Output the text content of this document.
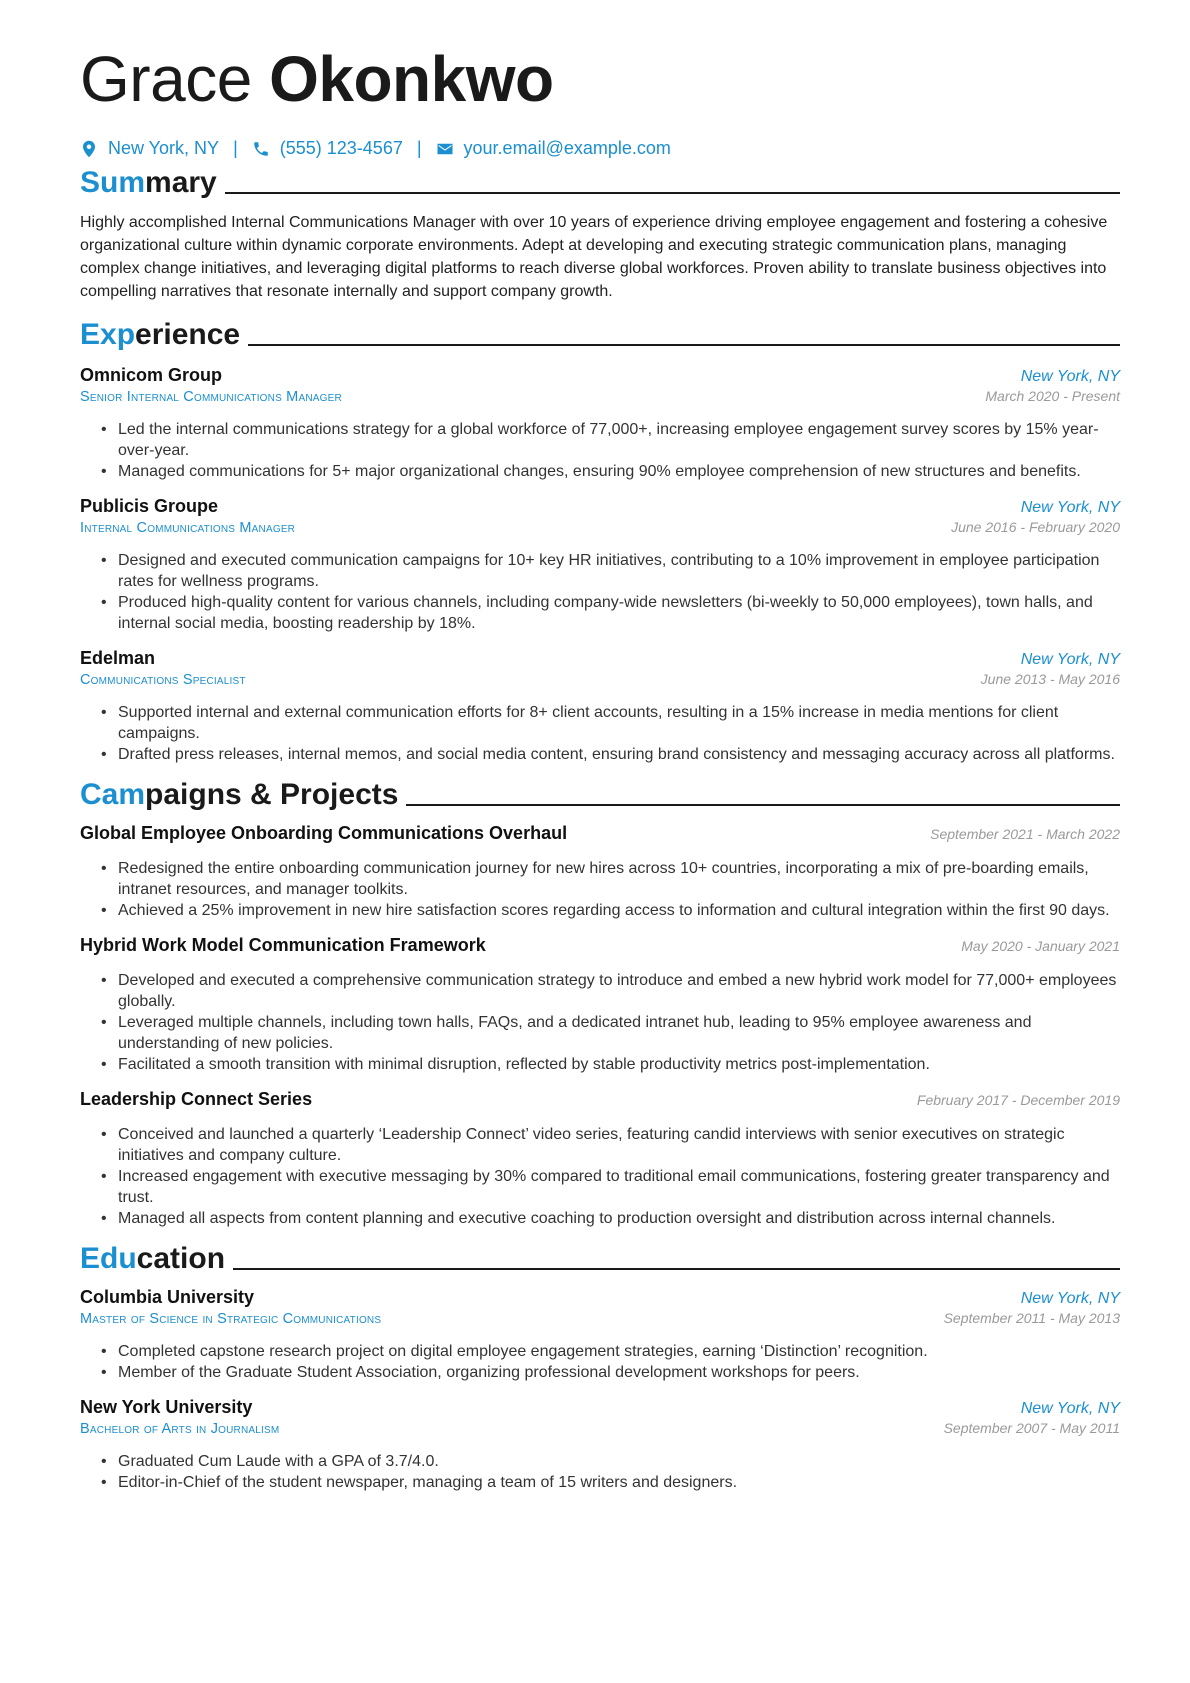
Grace Okonkwo
New York, NY | (555) 123-4567 | your.email@example.com
Summary

Highly accomplished Internal Communications Manager with over 10 years of experience driving employee engagement and fostering a cohesive organizational culture within dynamic corporate environments. Adept at developing and executing strategic communication plans, managing complex change initiatives, and leveraging digital platforms to reach diverse global workforces. Proven ability to translate business objectives into compelling narratives that resonate internally and support company growth.

Experience
Omnicom Group	New York, NY
Senior Internal Communications Manager	March 2020 - Present
• Led the internal communications strategy for a global workforce of 77,000+, increasing employee engagement survey scores by 15% year-over-year.
• Managed communications for 5+ major organizational changes, ensuring 90% employee comprehension of new structures and benefits.
Publicis Groupe	New York, NY
Internal Communications Manager	June 2016 - February 2020
• Designed and executed communication campaigns for 10+ key HR initiatives, contributing to a 10% improvement in employee participation rates for wellness programs.
• Produced high-quality content for various channels, including company-wide newsletters (bi-weekly to 50,000 employees), town halls, and internal social media, boosting readership by 18%.
Edelman	New York, NY
Communications Specialist	June 2013 - May 2016
• Supported internal and external communication efforts for 8+ client accounts, resulting in a 15% increase in media mentions for client campaigns.
• Drafted press releases, internal memos, and social media content, ensuring brand consistency and messaging accuracy across all platforms.
Campaigns & Projects
Global Employee Onboarding Communications Overhaul	September 2021 - March 2022
• Redesigned the entire onboarding communication journey for new hires across 10+ countries, incorporating a mix of pre-boarding emails, intranet resources, and manager toolkits.
• Achieved a 25% improvement in new hire satisfaction scores regarding access to information and cultural integration within the first 90 days.
Hybrid Work Model Communication Framework	May 2020 - January 2021
• Developed and executed a comprehensive communication strategy to introduce and embed a new hybrid work model for 77,000+ employees globally.
• Leveraged multiple channels, including town halls, FAQs, and a dedicated intranet hub, leading to 95% employee awareness and understanding of new policies.
• Facilitated a smooth transition with minimal disruption, reflected by stable productivity metrics post-implementation.
Leadership Connect Series	February 2017 - December 2019
• Conceived and launched a quarterly ‘Leadership Connect’ video series, featuring candid interviews with senior executives on strategic initiatives and company culture.
• Increased engagement with executive messaging by 30% compared to traditional email communications, fostering greater transparency and trust.
• Managed all aspects from content planning and executive coaching to production oversight and distribution across internal channels.
Education
Columbia University	New York, NY
Master of Science in Strategic Communications	September 2011 - May 2013
• Completed capstone research project on digital employee engagement strategies, earning ‘Distinction’ recognition.
• Member of the Graduate Student Association, organizing professional development workshops for peers.
New York University	New York, NY
Bachelor of Arts in Journalism	September 2007 - May 2011
• Graduated Cum Laude with a GPA of 3.7/4.0.
• Editor-in-Chief of the student newspaper, managing a team of 15 writers and designers.
